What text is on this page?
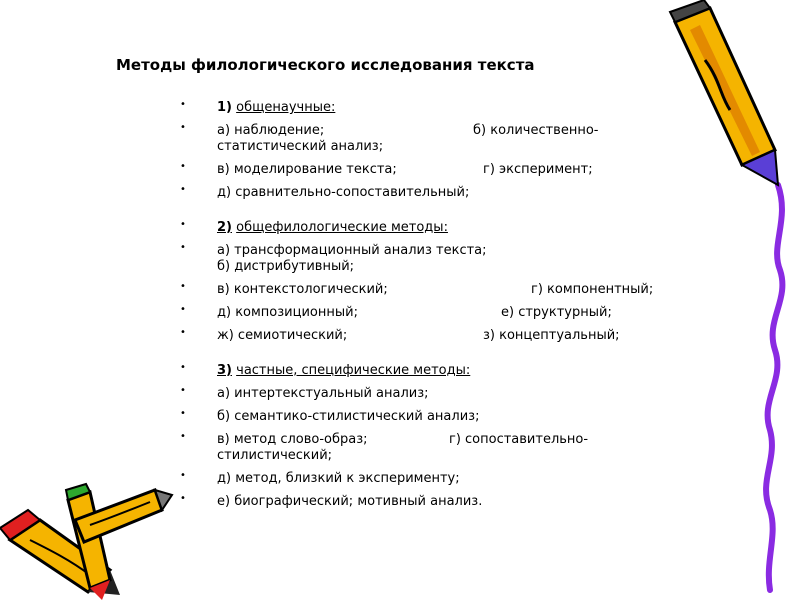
Методы филологического исследования текста
• 1) общенаучные:
• а) наблюдение;	б) количественно-
статистический анализ;
• в) моделирование текста;	г) эксперимент;
• д) сравнительно-сопоставительный;
• 2) общефилологические методы:
• а) трансформационный анализ текста;
б) дистрибутивный;
• в) контекстологический;	г) компонентный;
• д) композиционный;	е) структурный;
• ж) семиотический;	з) концептуальный;
• 3) частные, специфические методы:
• а) интертекстуальный анализ;
• б) семантико-стилистический анализ;
• в) метод слово-образ;	г) сопоставительно-
стилистический;
• д) метод, близкий к эксперименту;
• е) биографический; мотивный анализ.
